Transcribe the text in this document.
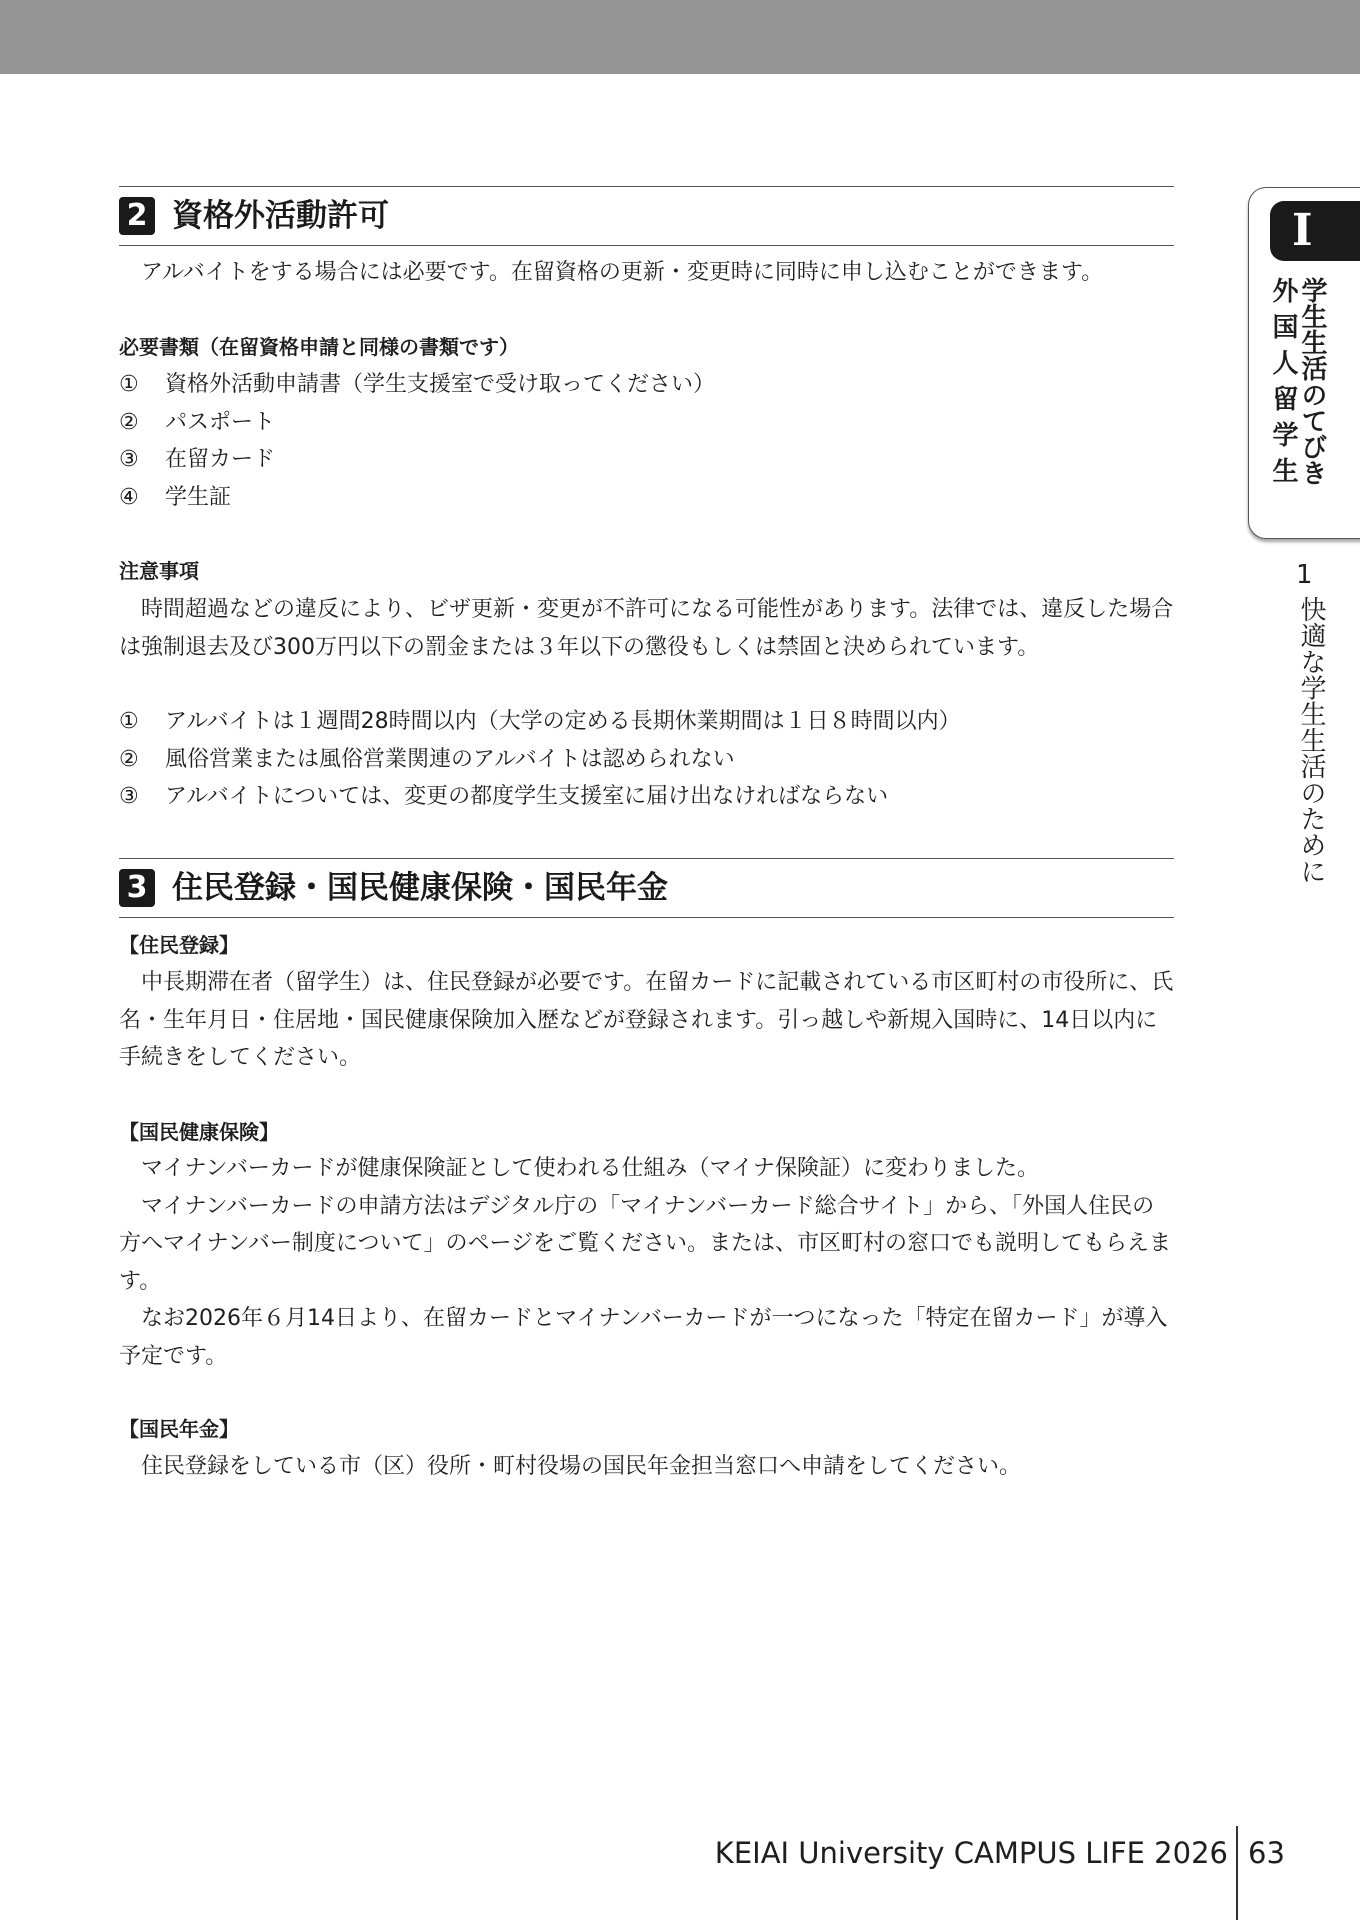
2 資格外活動許可

アルバイトをする場合には必要です。在留資格の更新・変更時に同時に申し込むことができます。

必要書類（在留資格申請と同様の書類です）

① 資格外活動申請書（学生支援室で受け取ってください）
② パスポート
③ 在留カード
④ 学生証

注意事項

時間超過などの違反により、ビザ更新・変更が不許可になる可能性があります。法律では、違反した場合は強制退去及び300万円以下の罰金または３年以下の懲役もしくは禁固と決められています。

① アルバイトは１週間28時間以内（大学の定める長期休業期間は１日８時間以内）
② 風俗営業または風俗営業関連のアルバイトは認められない
③ アルバイトについては、変更の都度学生支援室に届け出なければならない
3 住民登録・国民健康保険・国民年金

【住民登録】

中長期滞在者（留学生）は、住民登録が必要です。在留カードに記載されている市区町村の市役所に、氏名・生年月日・住居地・国民健康保険加入歴などが登録されます。引っ越しや新規入国時に、14日以内に手続きをしてください。

【国民健康保険】

マイナンバーカードが健康保険証として使われる仕組み（マイナ保険証）に変わりました。

マイナンバーカードの申請方法はデジタル庁の「マイナンバーカード総合サイト」から、「外国人住民の方へマイナンバー制度について」のページをご覧ください。または、市区町村の窓口でも説明してもらえます。

なお2026年６月14日より、在留カードとマイナンバーカードが一つになった「特定在留カード」が導入予定です。

【国民年金】

住民登録をしている市（区）役所・町村役場の国民年金担当窓口へ申請をしてください。

I
学生生活のてびき
外国人留学生
1
快適な学生生活のために
KEIAI University CAMPUS LIFE 2026 63
